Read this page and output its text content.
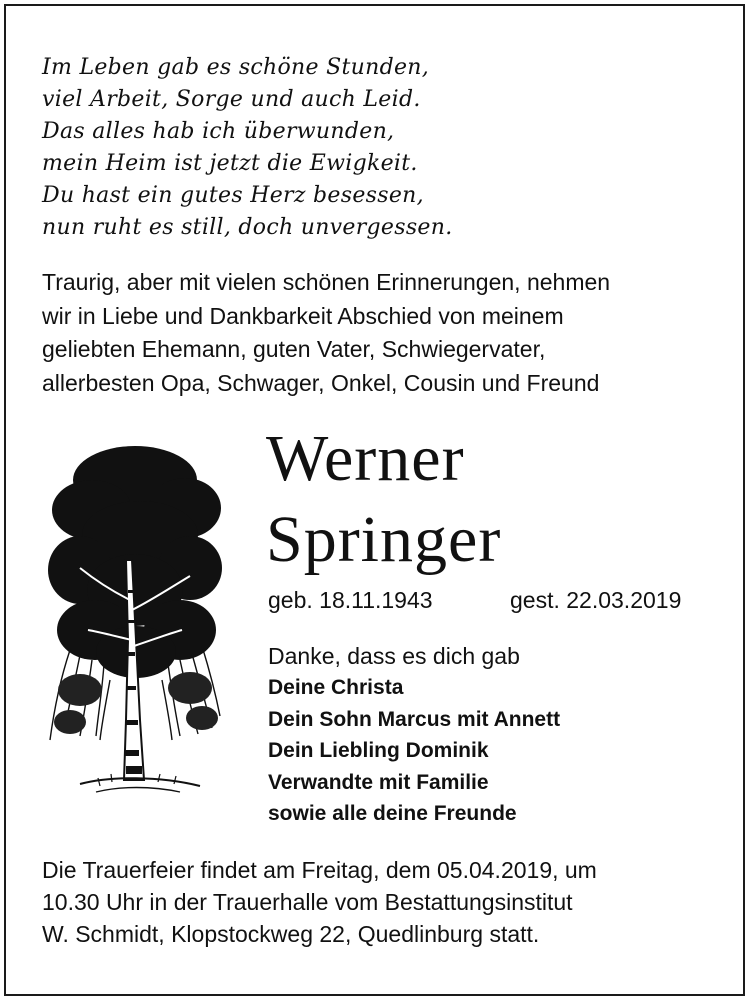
Im Leben gab es schöne Stunden,
viel Arbeit, Sorge und auch Leid.
Das alles hab ich überwunden,
mein Heim ist jetzt die Ewigkeit.
Du hast ein gutes Herz besessen,
nun ruht es still, doch unvergessen.
Traurig, aber mit vielen schönen Erinnerungen, nehmen
wir in Liebe und Dankbarkeit Abschied von meinem
geliebten Ehemann, guten Vater, Schwiegervater,
allerbesten Opa, Schwager, Onkel, Cousin und Freund
Werner
Springer
geb. 18.11.1943	gest. 22.03.2019
Danke, dass es dich gab
Deine Christa
Dein Sohn Marcus mit Annett
Dein Liebling Dominik
Verwandte mit Familie
sowie alle deine Freunde
Die Trauerfeier findet am Freitag, dem 05.04.2019, um
10.30 Uhr in der Trauerhalle vom Bestattungsinstitut
W. Schmidt, Klopstockweg 22, Quedlinburg statt.
